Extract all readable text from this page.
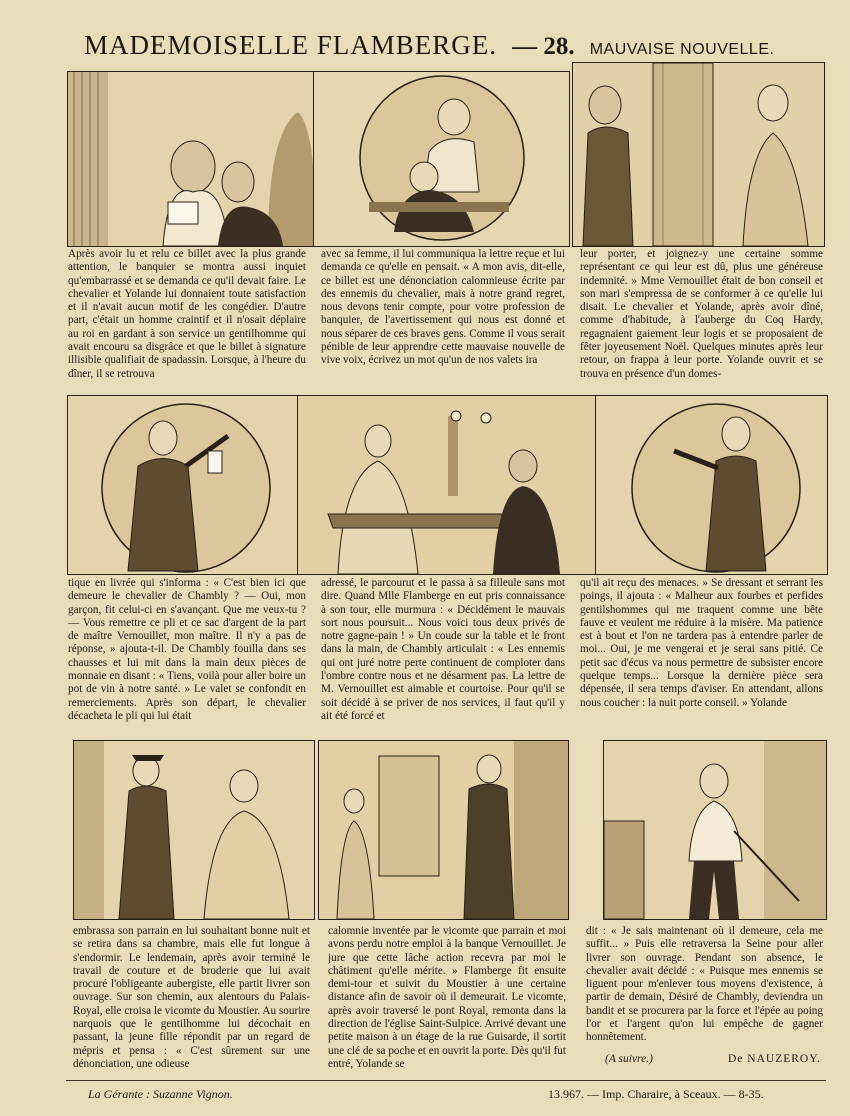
MADEMOISELLE FLAMBERGE. — 28. MAUVAISE NOUVELLE.
Après avoir lu et relu ce billet avec la plus grande attention, le banquier se montra aussi inquiet qu'embarrassé et se demanda ce qu'il devait faire. Le chevalier et Yolande lui donnaient toute satisfaction et il n'avait aucun motif de les congédier. D'autre part, c'était un homme craintif et il n'osait déplaire au roi en gardant à son service un gentilhomme qui avait encouru sa disgrâce et que le billet à signature illisible qualifiait de spadassin. Lorsque, à l'heure du dîner, il se retrouva
avec sa femme, il lui communiqua la lettre reçue et lui demanda ce qu'elle en pensait. « A mon avis, dit-elle, ce billet est une dénonciation calomnieuse écrite par des ennemis du chevalier, mais à notre grand regret, nous devons tenir compte, pour votre profession de banquier, de l'avertissement qui nous est donné et nous séparer de ces braves gens. Comme il vous serait pénible de leur apprendre cette mauvaise nouvelle de vive voix, écrivez un mot qu'un de nos valets ira
leur porter, et joignez-y une certaine somme représentant ce qui leur est dû, plus une généreuse indemnité. » Mme Vernouillet était de bon conseil et son mari s'empressa de se conformer à ce qu'elle lui disait. Le chevalier et Yolande, après avoir dîné, comme d'habitude, à l'auberge du Coq Hardy, regagnaient gaiement leur logis et se proposaient de fêter joyeusement Noël. Quelques minutes après leur retour, on frappa à leur porte. Yolande ouvrit et se trouva en présence d'un domes-
tique en livrée qui s'informa : « C'est bien ici que demeure le chevalier de Chambly ? — Oui, mon garçon, fit celui-ci en s'avançant. Que me veux-tu ? — Vous remettre ce pli et ce sac d'argent de la part de maître Vernouillet, mon maître. Il n'y a pas de réponse, » ajouta-t-il. De Chambly fouilla dans ses chausses et lui mit dans la main deux pièces de monnaie en disant : « Tiens, voilà pour aller boire un pot de vin à notre santé. » Le valet se confondit en remerciements. Après son départ, le chevalier décacheta le pli qui lui était
adressé, le parcourut et le passa à sa filleule sans mot dire. Quand Mlle Flamberge en eut pris connaissance à son tour, elle murmura : « Décidément le mauvais sort nous poursuit... Nous voici tous deux privés de notre gagne-pain ! » Un coude sur la table et le front dans la main, de Chambly articulait : « Les ennemis qui ont juré notre perte continuent de comploter dans l'ombre contre nous et ne désarment pas. La lettre de M. Vernouillet est aimable et courtoise. Pour qu'il se soit décidé à se priver de nos services, il faut qu'il y ait été forcé et
qu'il ait reçu des menaces. » Se dressant et serrant les poings, il ajouta : « Malheur aux fourbes et perfides gentilshommes qui me traquent comme une bête fauve et veulent me réduire à la misère. Ma patience est à bout et l'on ne tardera pas à entendre parler de moi... Oui, je me vengerai et je serai sans pitié. Ce petit sac d'écus va nous permettre de subsister encore quelque temps... Lorsque la dernière pièce sera dépensée, il sera temps d'aviser. En attendant, allons nous coucher : la nuit porte conseil. » Yolande
embrassa son parrain en lui souhaitant bonne nuit et se retira dans sa chambre, mais elle fut longue à s'endormir. Le lendemain, après avoir terminé le travail de couture et de broderie que lui avait procuré l'obligeante aubergiste, elle partit livrer son ouvrage. Sur son chemin, aux alentours du Palais-Royal, elle croisa le vicomte du Moustier. Au sourire narquois que le gentilhomme lui décochait en passant, la jeune fille répondit par un regard de mépris et pensa : « C'est sûrement sur une dénonciation, une odieuse
calomnie inventée par le vicomte que parrain et moi avons perdu notre emploi à la banque Vernouillet. Je jure que cette lâche action recevra par moi le châtiment qu'elle mérite. » Flamberge fit ensuite demi-tour et suivit du Moustier à une certaine distance afin de savoir où il demeurait. Le vicomte, après avoir traversé le pont Royal, remonta dans la direction de l'église Saint-Sulpice. Arrivé devant une petite maison à un étage de la rue Guisarde, il sortit une clé de sa poche et en ouvrit la porte. Dès qu'il fut entré, Yolande se
dit : « Je sais maintenant où il demeure, cela me suffit... » Puis elle retraversa la Seine pour aller livrer son ouvrage. Pendant son absence, le chevalier avait décidé : « Puisque mes ennemis se liguent pour m'enlever tous moyens d'existence, à partir de demain, Désiré de Chambly, deviendra un bandit et se procurera par la force et l'épée au poing l'or et l'argent qu'on lui empêche de gagner honnêtement.
(A suivre.)	De NAUZEROY.
La Gérante : Suzanne Vignon.	13.967. — Imp. Charaire, à Sceaux. — 8-35.
